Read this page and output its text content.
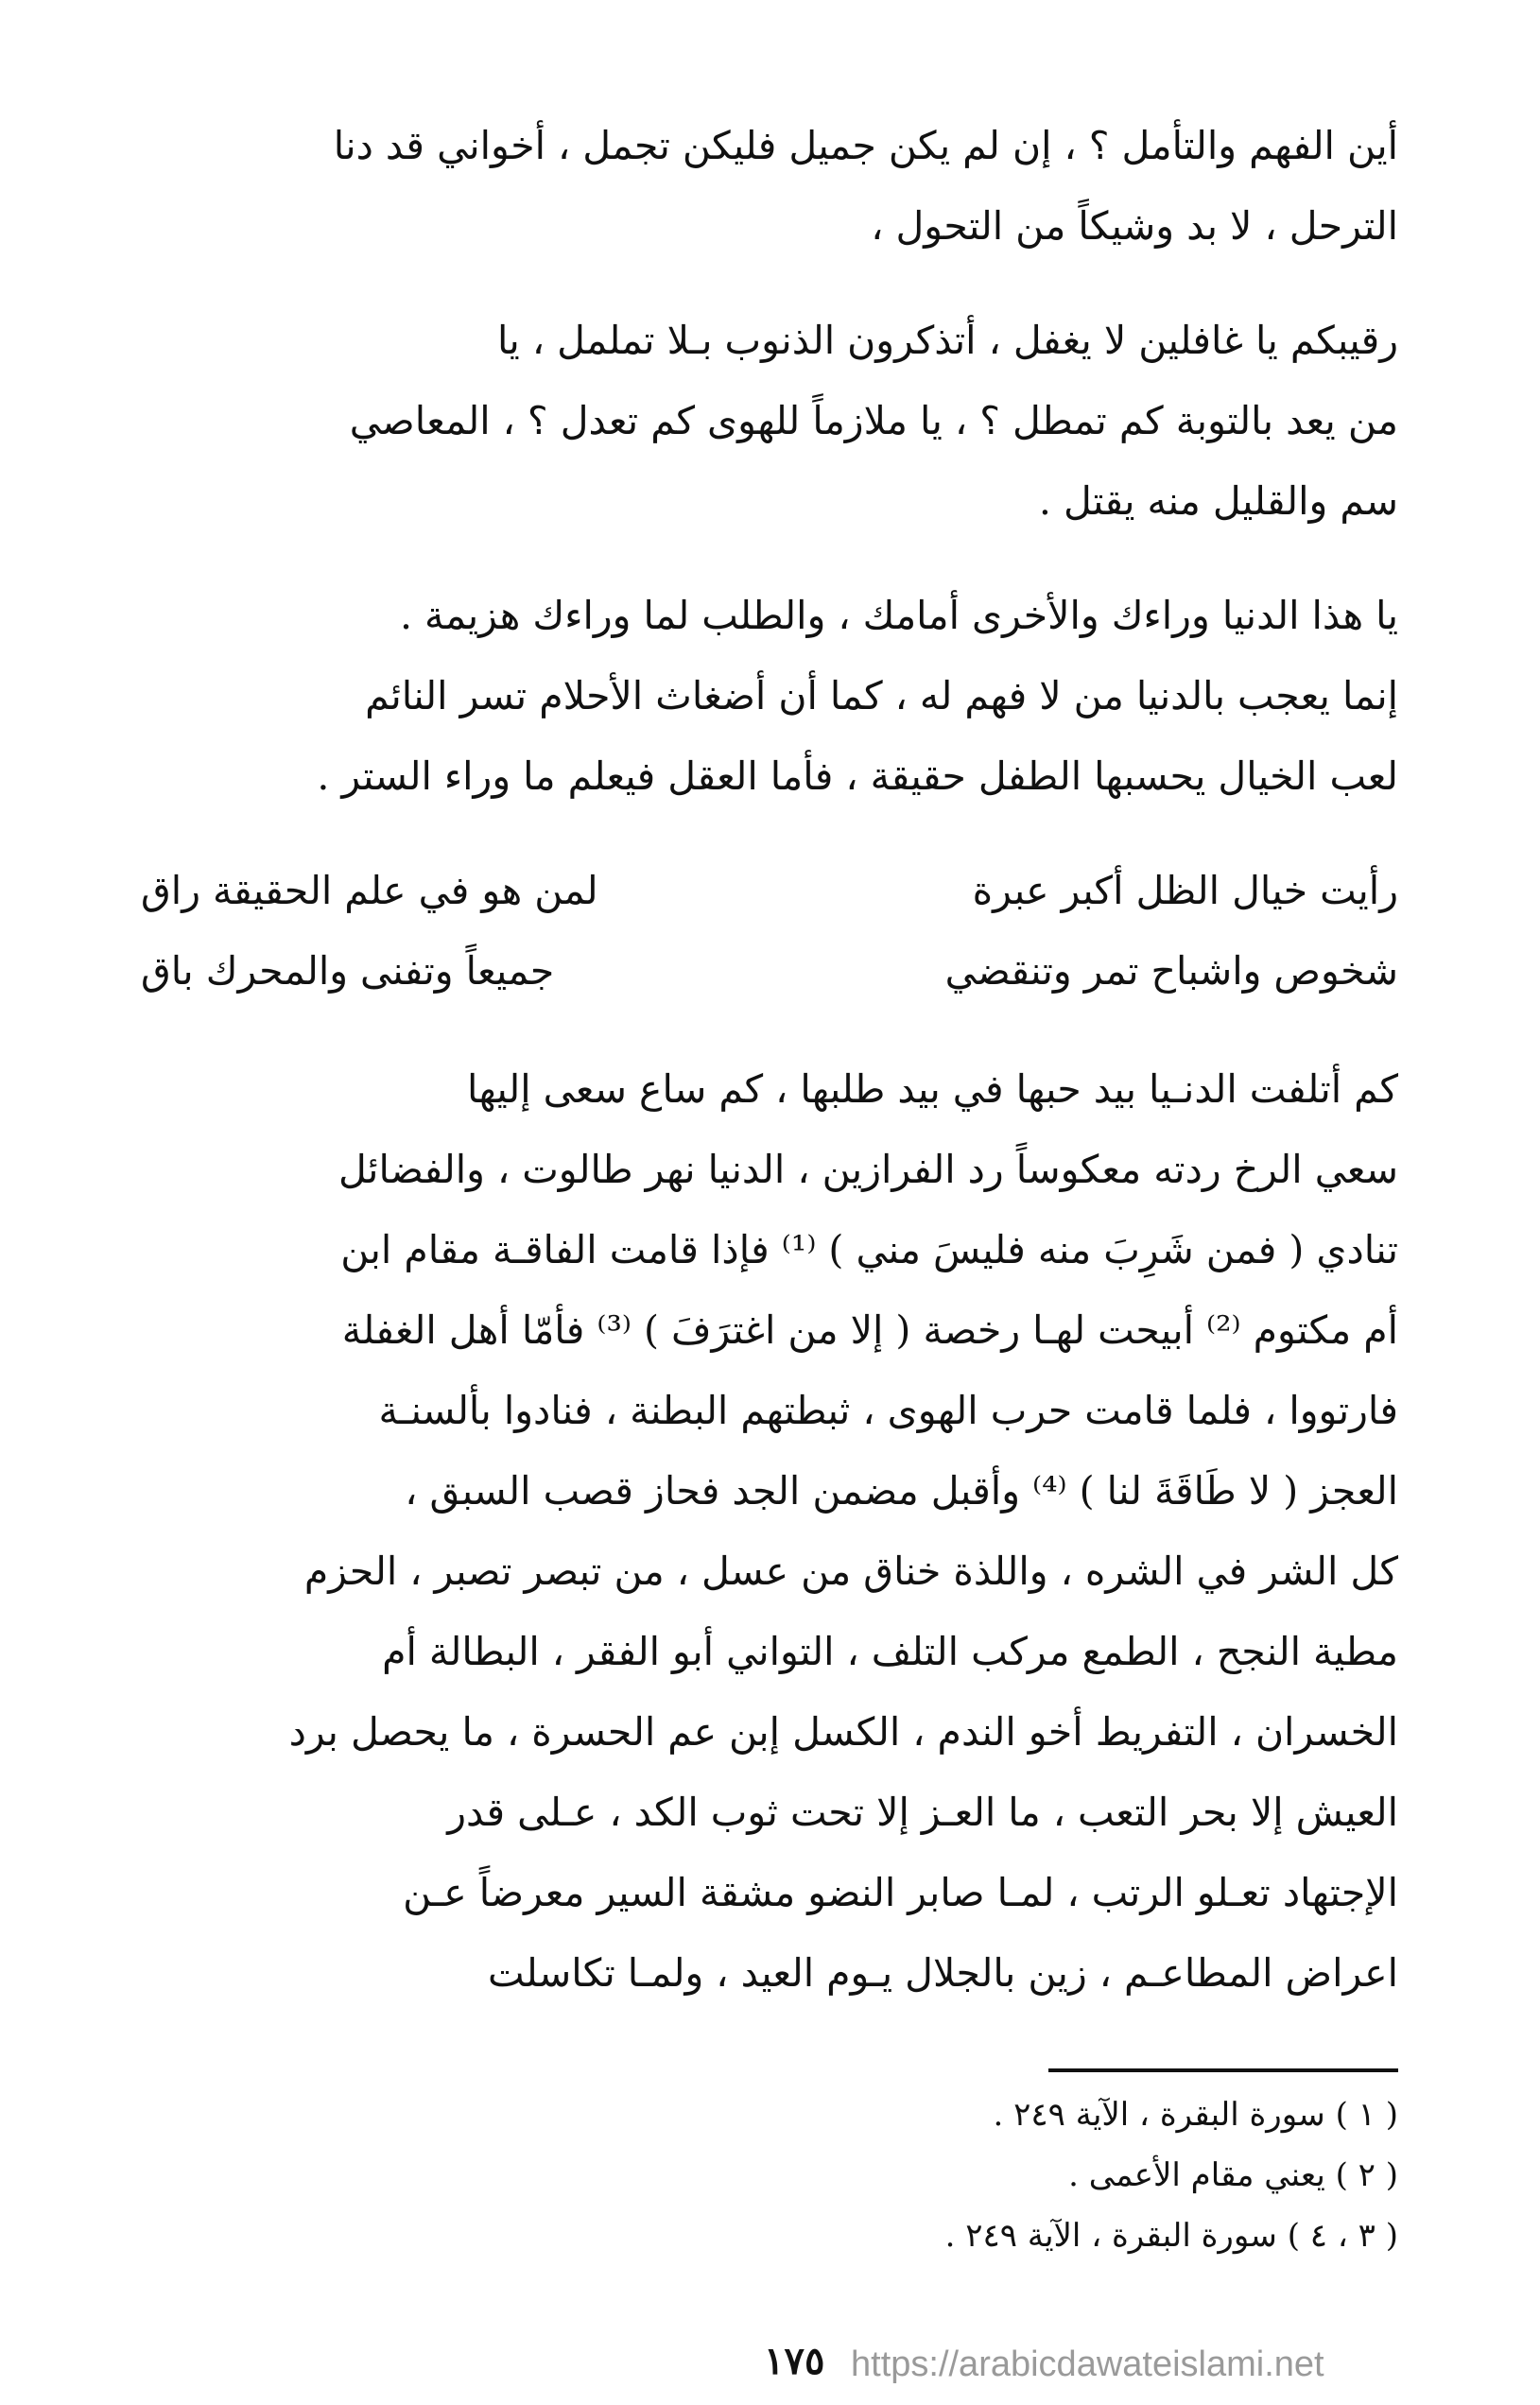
أين الفهم والتأمل ؟ ، إن لم يكن جميل فليكن تجمل ، أخواني قد دنا

الترحل ، لا بد وشيكاً من التحول ،

رقيبكم يا غافلين لا يغفل ، أتذكرون الذنوب بـلا تململ ، يا

من يعد بالتوبة كم تمطل ؟ ، يا ملازماً للهوى كم تعدل ؟ ، المعاصي

سم والقليل منه يقتل .

يا هذا الدنيا وراءك والأخرى أمامك ، والطلب لما وراءك هزيمة .

إنما يعجب بالدنيا من لا فهم له ، كما أن أضغاث الأحلام تسر النائم

لعب الخيال يحسبها الطفل حقيقة ، فأما العقل فيعلم ما وراء الستر .

رأيت خيال الظل أكبر عبرة
لمن هو في علم الحقيقة راق
شخوص واشباح تمر وتنقضي
جميعاً وتفنى والمحرك باق

كم أتلفت الدنـيا بيد حبها في بيد طلبها ، كم ساع سعى إليها

سعي الرخ ردته معكوساً رد الفرازين ، الدنيا نهر طالوت ، والفضائل

تنادي ( فمن شَرِبَ منه فليسَ مني ) ⁽¹⁾ فإذا قامت الفاقـة مقام ابن

أم مكتوم ⁽²⁾ أبيحت لهـا رخصة ( إلا من اغترَفَ ) ⁽³⁾ فأمّا أهل الغفلة

فارتووا ، فلما قامت حرب الهوى ، ثبطتهم البطنة ، فنادوا بألسنـة

العجز ( لا طَاقَةَ لنا ) ⁽⁴⁾ وأقبل مضمن الجد فحاز قصب السبق ،

كل الشر في الشره ، واللذة خناق من عسل ، من تبصر تصبر ، الحزم

مطية النجح ، الطمع مركب التلف ، التواني أبو الفقر ، البطالة أم

الخسران ، التفريط أخو الندم ، الكسل إبن عم الحسرة ، ما يحصل برد

العيش إلا بحر التعب ، ما العـز إلا تحت ثوب الكد ، عـلى قدر

الإجتهاد تعـلو الرتب ، لمـا صابر النضو مشقة السير معرضاً عـن

اعراض المطاعـم ، زين بالجلال يـوم العيد ، ولمـا تكاسلت

( ١ ) سورة البقرة ، الآية ٢٤٩ .
( ٢ ) يعني مقام الأعمى .
( ٣ ، ٤ ) سورة البقرة ، الآية ٢٤٩ .
١٧٥ https://arabicdawateislami.net
